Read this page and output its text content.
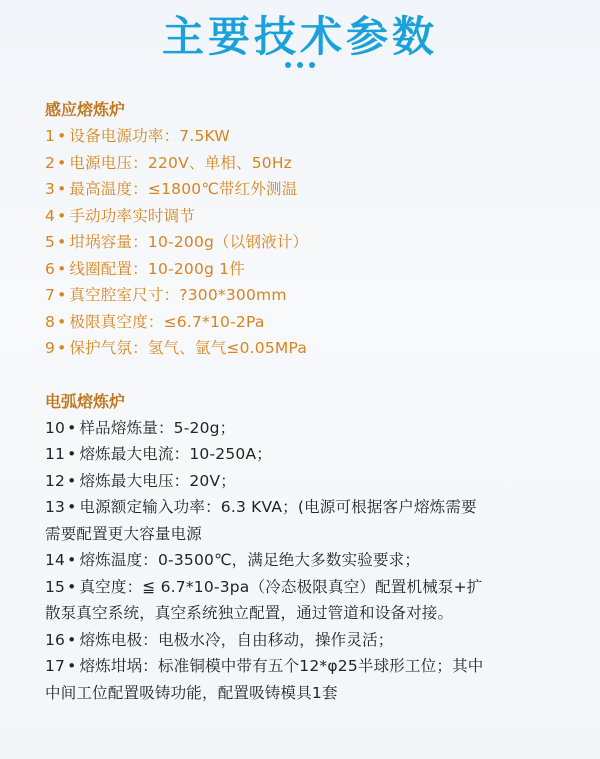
主要技术参数
感应熔炼炉
1 • 设备电源功率：7.5KW
2 • 电源电压：220V、单相、50Hz
3 • 最高温度：≤1800℃带红外测温
4 • 手动功率实时调节
5 • 坩埚容量：10-200g（以钢液计）
6 • 线圈配置：10-200g 1件
7 • 真空腔室尺寸：?300*300mm
8 • 极限真空度：≤6.7*10-2Pa
9 • 保护气氛：氢气、氩气≤0.05MPa
电弧熔炼炉
10 • 样品熔炼量：5-20g；
11 • 熔炼最大电流：10-250A；
12 • 熔炼最大电压：20V；
13 • 电源额定输入功率：6.3 KVA；(电源可根据客户熔炼需要
需要配置更大容量电源
14 • 熔炼温度：0-3500℃，满足绝大多数实验要求；
15 • 真空度：≦ 6.7*10-3pa（冷态极限真空）配置机械泵+扩
散泵真空系统，真空系统独立配置，通过管道和设备对接。
16 • 熔炼电极：电极水冷，自由移动，操作灵活；
17 • 熔炼坩埚：标准铜模中带有五个12*φ25半球形工位；其中
中间工位配置吸铸功能，配置吸铸模具1套
